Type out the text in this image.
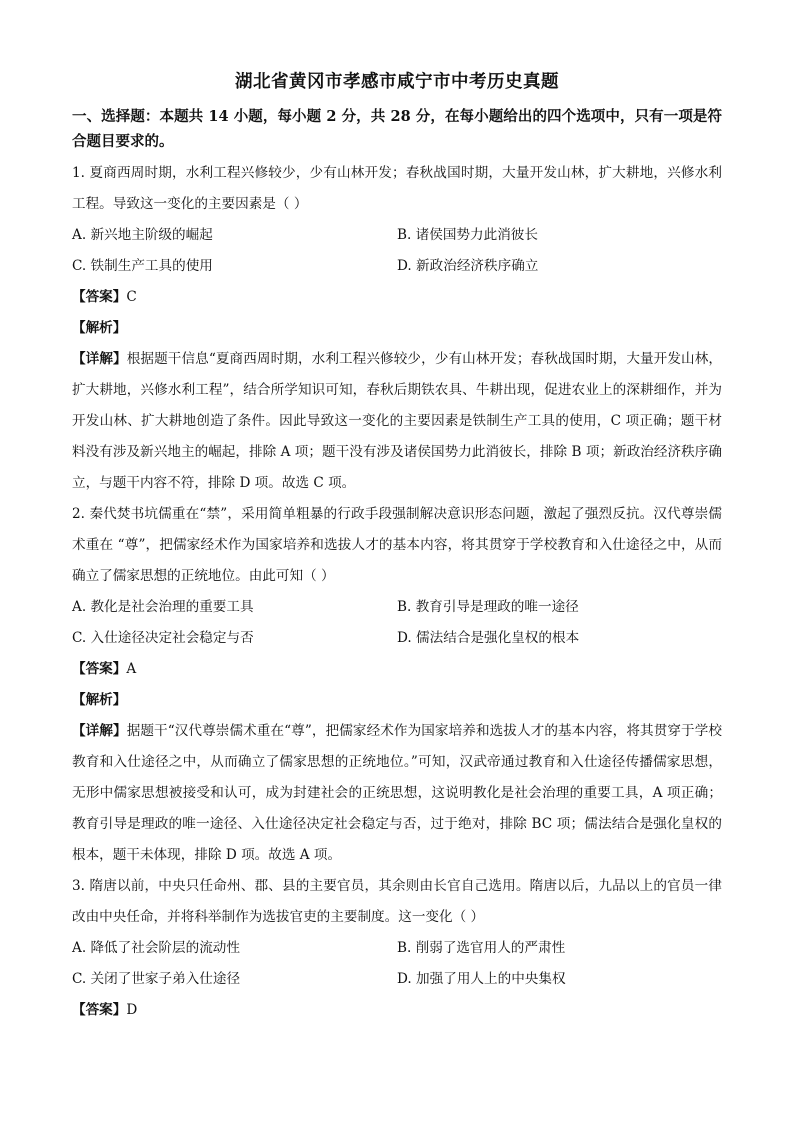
湖北省黄冈市孝感市咸宁市中考历史真题

一、选择题：本题共 14 小题，每小题 2 分，共 28 分，在每小题给出的四个选项中，只有一项是符合题目要求的。

1. 夏商西周时期，水利工程兴修较少，少有山林开发；春秋战国时期，大量开发山林，扩大耕地，兴修水利工程。导致这一变化的主要因素是（ ）

A. 新兴地主阶级的崛起	B. 诸侯国势力此消彼长
C. 铁制生产工具的使用	D. 新政治经济秩序确立

【答案】C

【解析】

【详解】根据题干信息“夏商西周时期，水利工程兴修较少，少有山林开发；春秋战国时期，大量开发山林，扩大耕地，兴修水利工程”，结合所学知识可知，春秋后期铁农具、牛耕出现，促进农业上的深耕细作，并为开发山林、扩大耕地创造了条件。因此导致这一变化的主要因素是铁制生产工具的使用，C 项正确；题干材料没有涉及新兴地主的崛起，排除 A 项；题干没有涉及诸侯国势力此消彼长，排除 B 项；新政治经济秩序确立，与题干内容不符，排除 D 项。故选 C 项。

2. 秦代焚书坑儒重在“禁”，采用简单粗暴的行政手段强制解决意识形态问题，激起了强烈反抗。汉代尊崇儒术重在 “尊”，把儒家经术作为国家培养和选拔人才的基本内容，将其贯穿于学校教育和入仕途径之中，从而确立了儒家思想的正统地位。由此可知（ ）

A. 教化是社会治理的重要工具	B. 教育引导是理政的唯一途径
C. 入仕途径决定社会稳定与否	D. 儒法结合是强化皇权的根本

【答案】A

【解析】

【详解】据题干“汉代尊崇儒术重在“尊”，把儒家经术作为国家培养和选拔人才的基本内容，将其贯穿于学校教育和入仕途径之中，从而确立了儒家思想的正统地位。”可知，汉武帝通过教育和入仕途径传播儒家思想，无形中儒家思想被接受和认可，成为封建社会的正统思想，这说明教化是社会治理的重要工具，A 项正确；教育引导是理政的唯一途径、入仕途径决定社会稳定与否，过于绝对，排除 BC 项；儒法结合是强化皇权的根本，题干未体现，排除 D 项。故选 A 项。

3. 隋唐以前，中央只任命州、郡、县的主要官员，其余则由长官自己选用。隋唐以后，九品以上的官员一律改由中央任命，并将科举制作为选拔官吏的主要制度。这一变化（ ）

A. 降低了社会阶层的流动性	B. 削弱了选官用人的严肃性
C. 关闭了世家子弟入仕途径	D. 加强了用人上的中央集权

【答案】D
